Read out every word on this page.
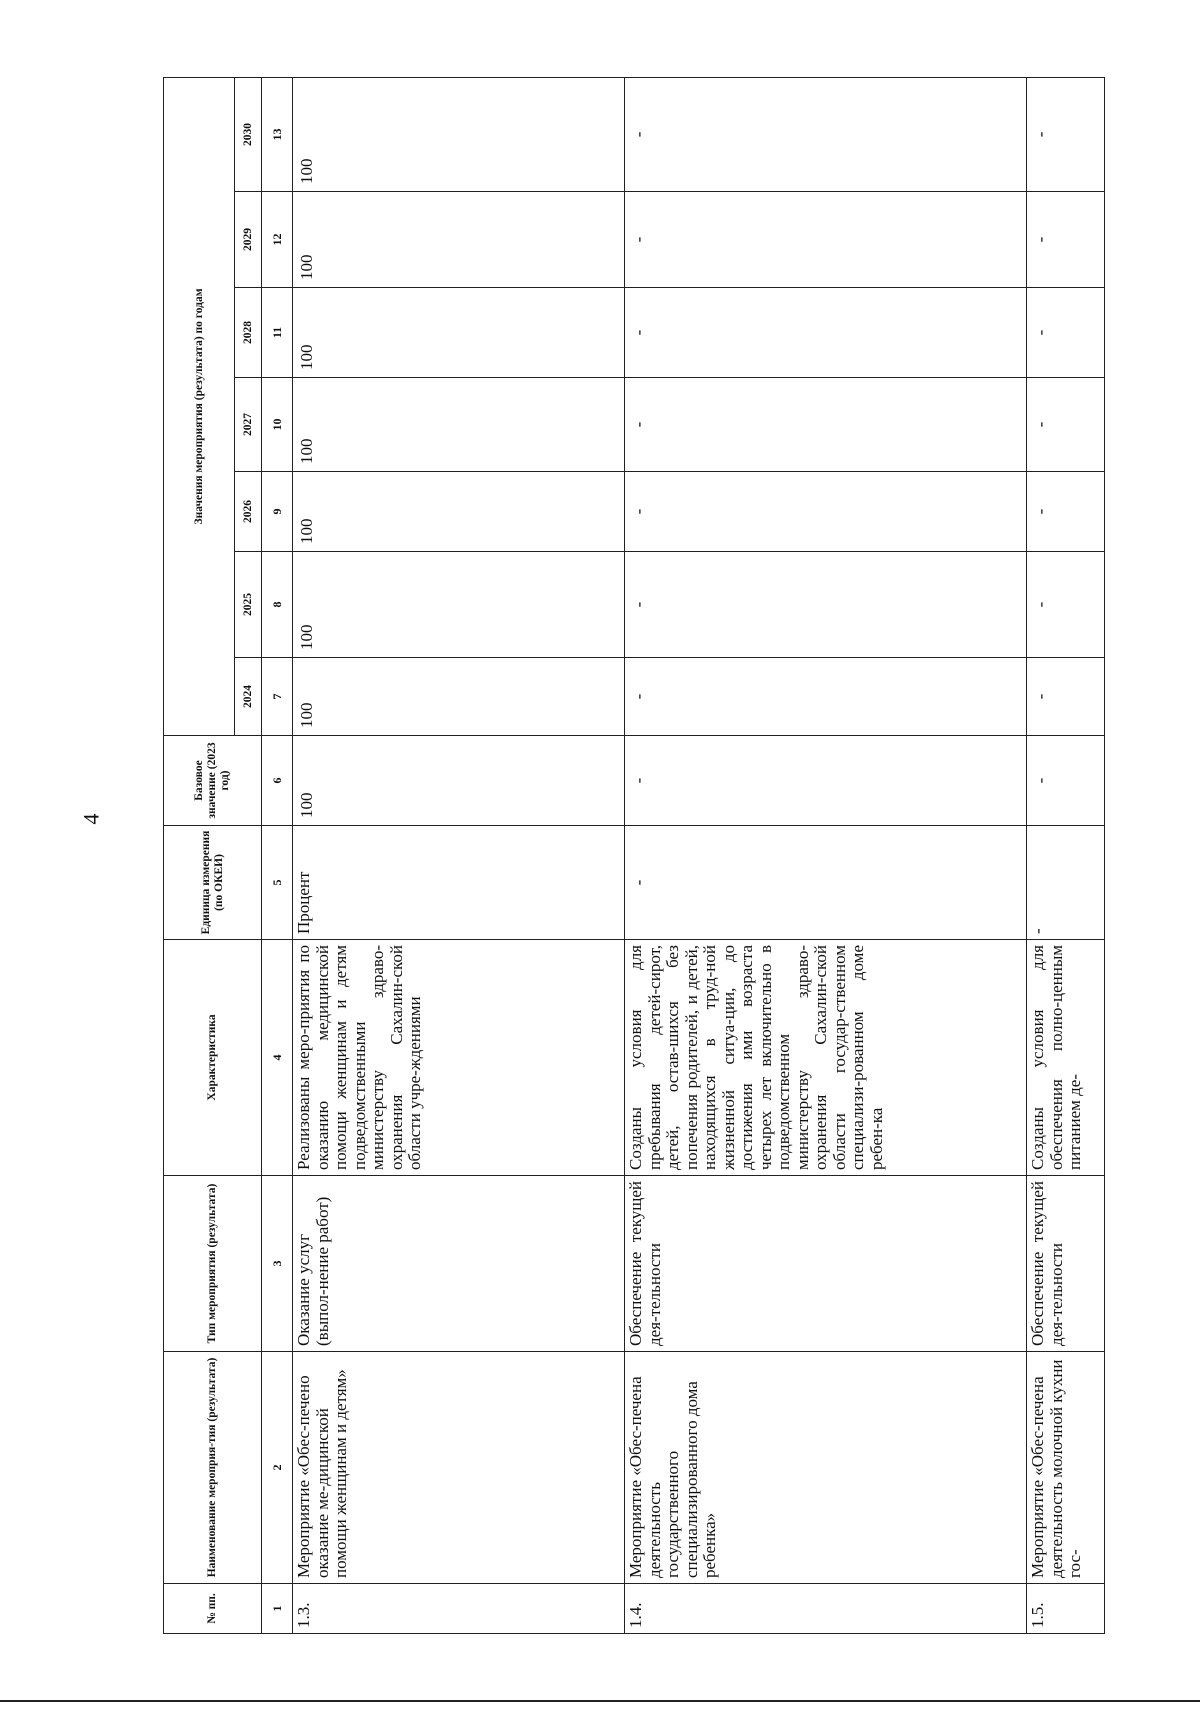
4
№ пп.	Наименование мероприя-тия (результата)	Тип мероприятия (результата)	Характеристика	Единица измерения (по ОКЕИ)	Базовое значение (2023 год)	Значения мероприятия (результата) по годам						
						2024	2025	2026	2027	2028	2029	2030
1	2	3	4	5	6	7	8	9	10	11	12	13
1.3.	Мероприятие «Обес-печено оказание ме-дицинской помощи женщинам и детям»	Оказание услуг (выпол-нение работ)	Реализованы меро-приятия по оказанию медицинской помощи женщинам и детям подведомственными министерству здраво-охранения Сахалин-ской области учре-ждениями	Процент	100	100	100	100	100	100	100	100
1.4.	Мероприятие «Обес-печена деятельность государственного специализированного дома ребенка»	Обеспечение текущей дея-тельности	Созданы условия для пребывания детей-сирот, детей, остав-шихся без попечения родителей, и детей, находящихся в труд-ной жизненной ситуа-ции, до достижения ими возраста четырех лет включительно в подведомственном министерству здраво-охранения Сахалин-ской области государ-ственном специализи-рованном доме ребен-ка	-	-	-	-	-	-	-	-	-
1.5.	Мероприятие «Обес-печена деятельность молочной кухни гос-	Обеспечение текущей дея-тельности	Созданы условия для обеспечения полно-ценным питанием де-	-	-	-	-	-	-	-	-	-
